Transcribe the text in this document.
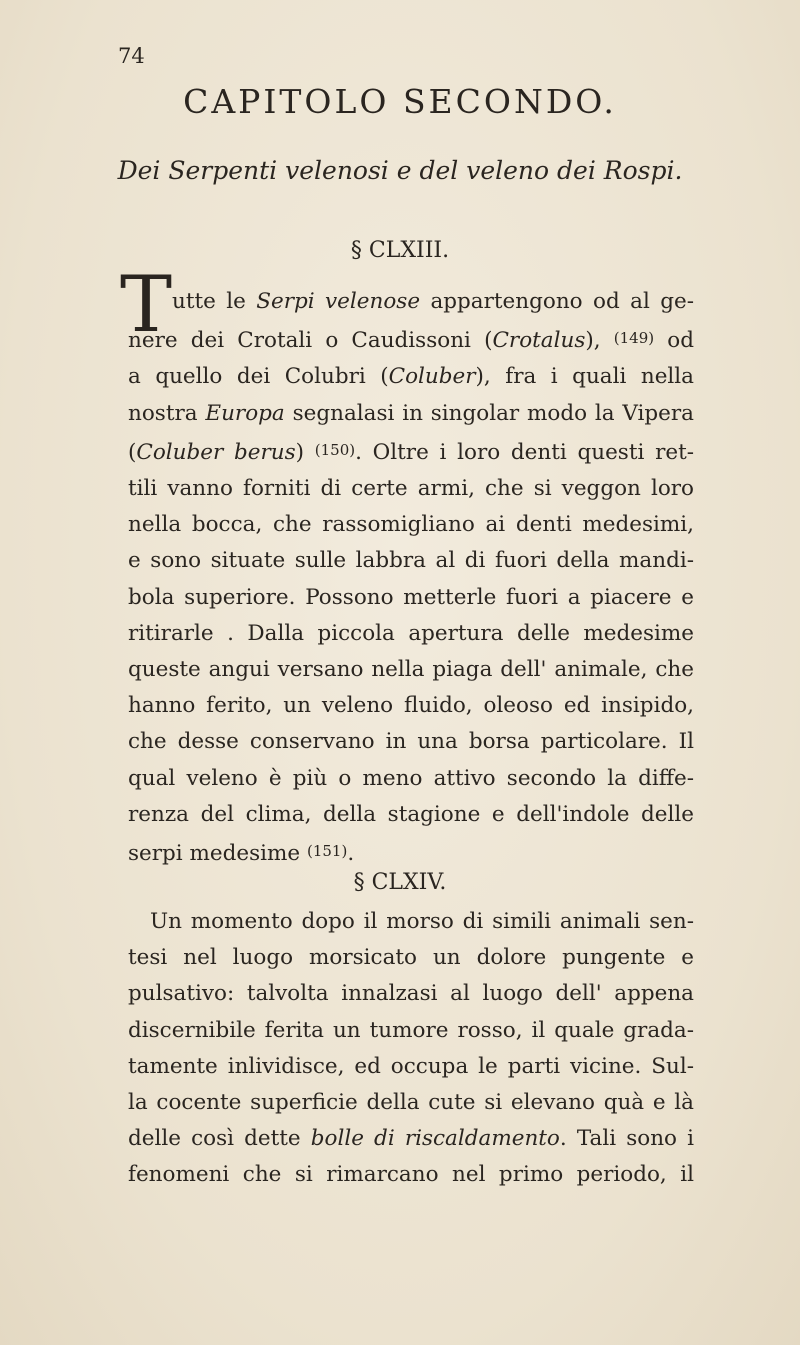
74
CAPITOLO SECONDO.
Dei Serpenti velenosi e del veleno dei Rospi.
§ CLXIII.
T utte le Serpi velenose appartengono od al ge-
nere dei Crotali o Caudissoni (Crotalus), (149) od
a quello dei Colubri (Coluber), fra i quali nella
nostra Europa segnalasi in singolar modo la Vipera
(Coluber berus) (150). Oltre i loro denti questi ret-
tili vanno forniti di certe armi, che si veggon loro
nella bocca, che rassomigliano ai denti medesimi,
e sono situate sulle labbra al di fuori della mandi-
bola superiore. Possono metterle fuori a piacere e
ritirarle . Dalla piccola apertura delle medesime
queste angui versano nella piaga dell' animale, che
hanno ferito, un veleno fluido, oleoso ed insipido,
che desse conservano in una borsa particolare. Il
qual veleno è più o meno attivo secondo la diffe-
renza del clima, della stagione e dell'indole delle
serpi medesime (151).
§ CLXIV.
Un momento dopo il morso di simili animali sen-
tesi nel luogo morsicato un dolore pungente e
pulsativo: talvolta innalzasi al luogo dell' appena
discernibile ferita un tumore rosso, il quale grada-
tamente inlividisce, ed occupa le parti vicine. Sul-
la cocente superficie della cute si elevano quà e là
delle così dette bolle di riscaldamento. Tali sono i
fenomeni che si rimarcano nel primo periodo, il
